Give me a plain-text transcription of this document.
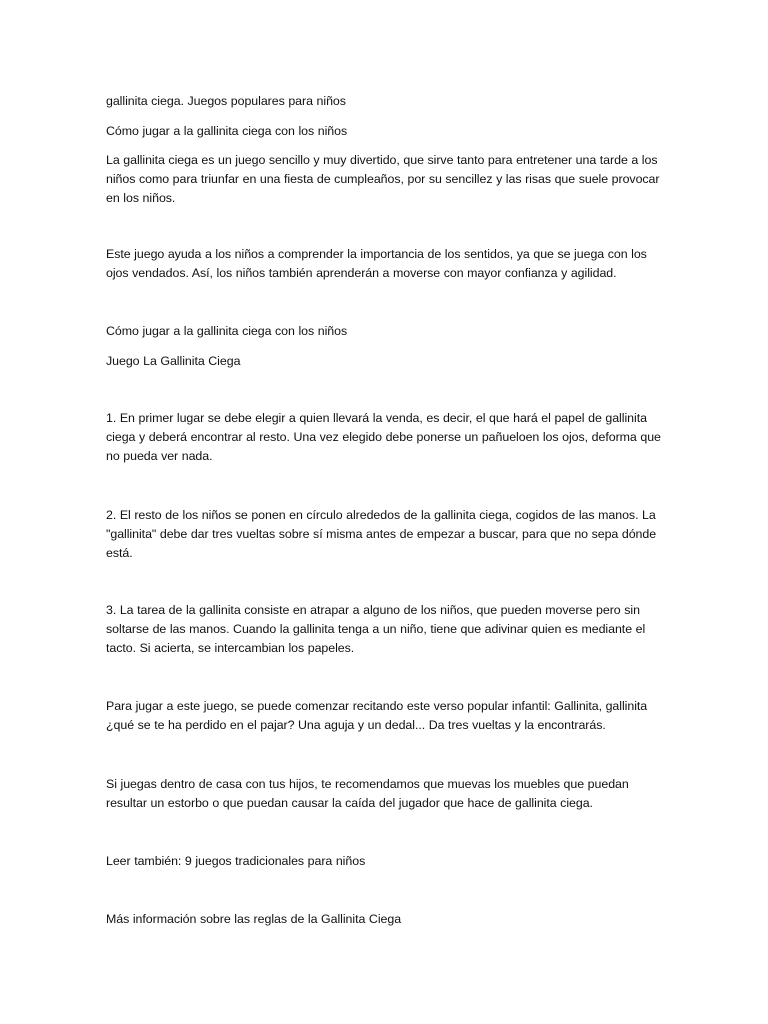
gallinita ciega. Juegos populares para niños

Cómo jugar a la gallinita ciega con los niños

La gallinita ciega es un juego sencillo y muy divertido, que sirve tanto para entretener una tarde a los niños como para triunfar en una fiesta de cumpleaños, por su sencillez y las risas que suele provocar en los niños.

Este juego ayuda a los niños a comprender la importancia de los sentidos, ya que se juega con los ojos vendados. Así, los niños también aprenderán a moverse con mayor confianza y agilidad.

Cómo jugar a la gallinita ciega con los niños

Juego La Gallinita Ciega

1. En primer lugar se debe elegir a quien llevará la venda, es decir, el que hará el papel de gallinita ciega y deberá encontrar al resto. Una vez elegido debe ponerse un pañueloen los ojos, deforma que no pueda ver nada.

2. El resto de los niños se ponen en círculo alrededos de la gallinita ciega, cogidos de las manos. La "gallinita" debe dar tres vueltas sobre sí misma antes de empezar a buscar, para que no sepa dónde está.

3. La tarea de la gallinita consiste en atrapar a alguno de los niños, que pueden moverse pero sin soltarse de las manos. Cuando la gallinita tenga a un niño, tiene que adivinar quien es mediante el tacto. Si acierta, se intercambian los papeles.

Para jugar a este juego, se puede comenzar recitando este verso popular infantil: Gallinita, gallinita ¿qué se te ha perdido en el pajar? Una aguja y un dedal... Da tres vueltas y la encontrarás.

Si juegas dentro de casa con tus hijos, te recomendamos que muevas los muebles que puedan resultar un estorbo o que puedan causar la caída del jugador que hace de gallinita ciega.

Leer también: 9 juegos tradicionales para niños

Más información sobre las reglas de la Gallinita Ciega
